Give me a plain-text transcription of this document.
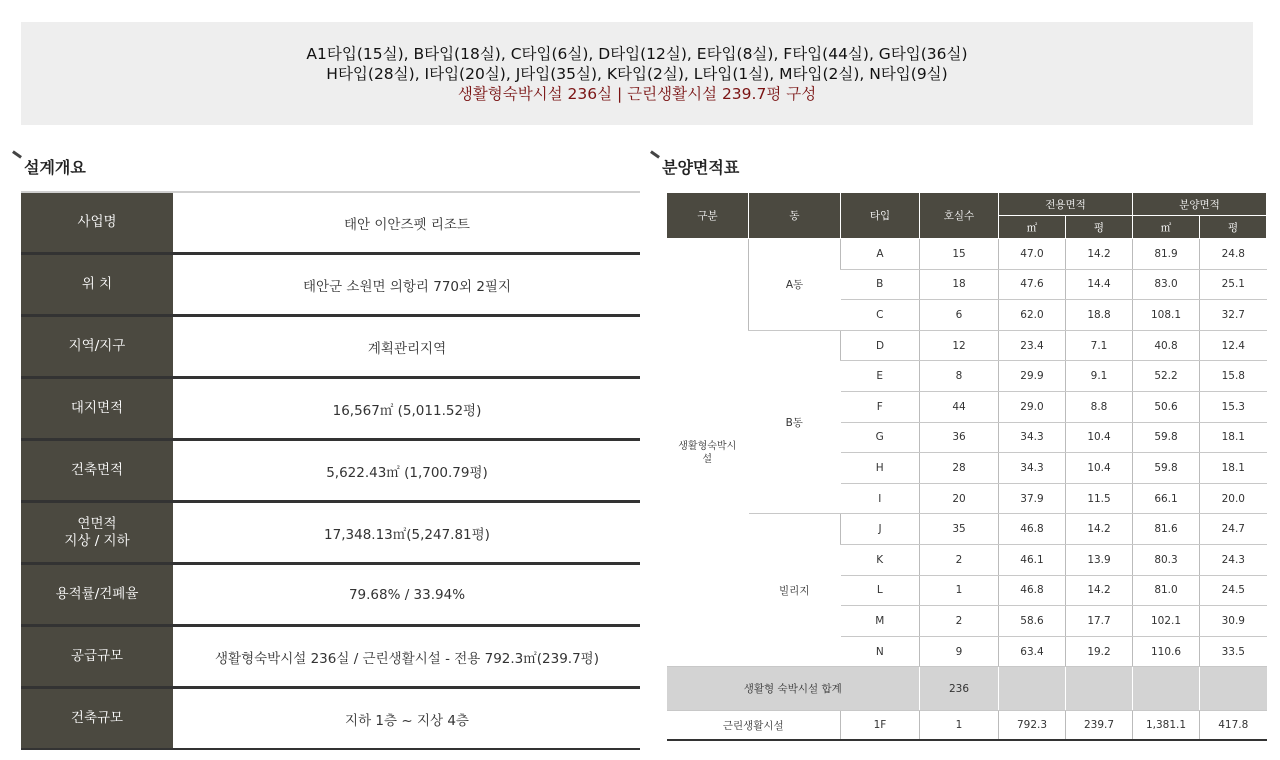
A1타입(15실), B타입(18실), C타입(6실), D타입(12실), E타입(8실), F타입(44실), G타입(36실)
H타입(28실), I타입(20실), J타입(35실), K타입(2실), L타입(1실), M타입(2실), N타입(9실)
생활형숙박시설 236실 | 근린생활시설 239.7평 구성
설계개요	분양면적표
사업명	태안 이안즈펫 리조트
위 치	태안군 소원면 의항리 770외 2필지
지역/지구	계획관리지역
대지면적	16,567㎡ (5,011.52평)
건축면적	5,622.43㎡ (1,700.79평)
연면적
지상 / 지하	17,348.13㎡(5,247.81평)
용적률/건폐율	79.68% / 33.94%
공급규모	생활형숙박시설 236실 / 근린생활시설 - 전용 792.3㎡(239.7평)
건축규모	지하 1층 ~ 지상 4층
구분	동	타입	호실수	전용면적		분양면적	
				㎡	평	㎡	평
생활형숙박시
설	A동	A	15	47.0	14.2	81.9	24.8
		B	18	47.6	14.4	83.0	25.1
		C	6	62.0	18.8	108.1	32.7
	B동	D	12	23.4	7.1	40.8	12.4
		E	8	29.9	9.1	52.2	15.8
		F	44	29.0	8.8	50.6	15.3
		G	36	34.3	10.4	59.8	18.1
		H	28	34.3	10.4	59.8	18.1
		I	20	37.9	11.5	66.1	20.0
	빌리지	J	35	46.8	14.2	81.6	24.7
		K	2	46.1	13.9	80.3	24.3
		L	1	46.8	14.2	81.0	24.5
		M	2	58.6	17.7	102.1	30.9
		N	9	63.4	19.2	110.6	33.5
생활형 숙박시설 합계			236				
근린생활시설		1F	1	792.3	239.7	1,381.1	417.8
